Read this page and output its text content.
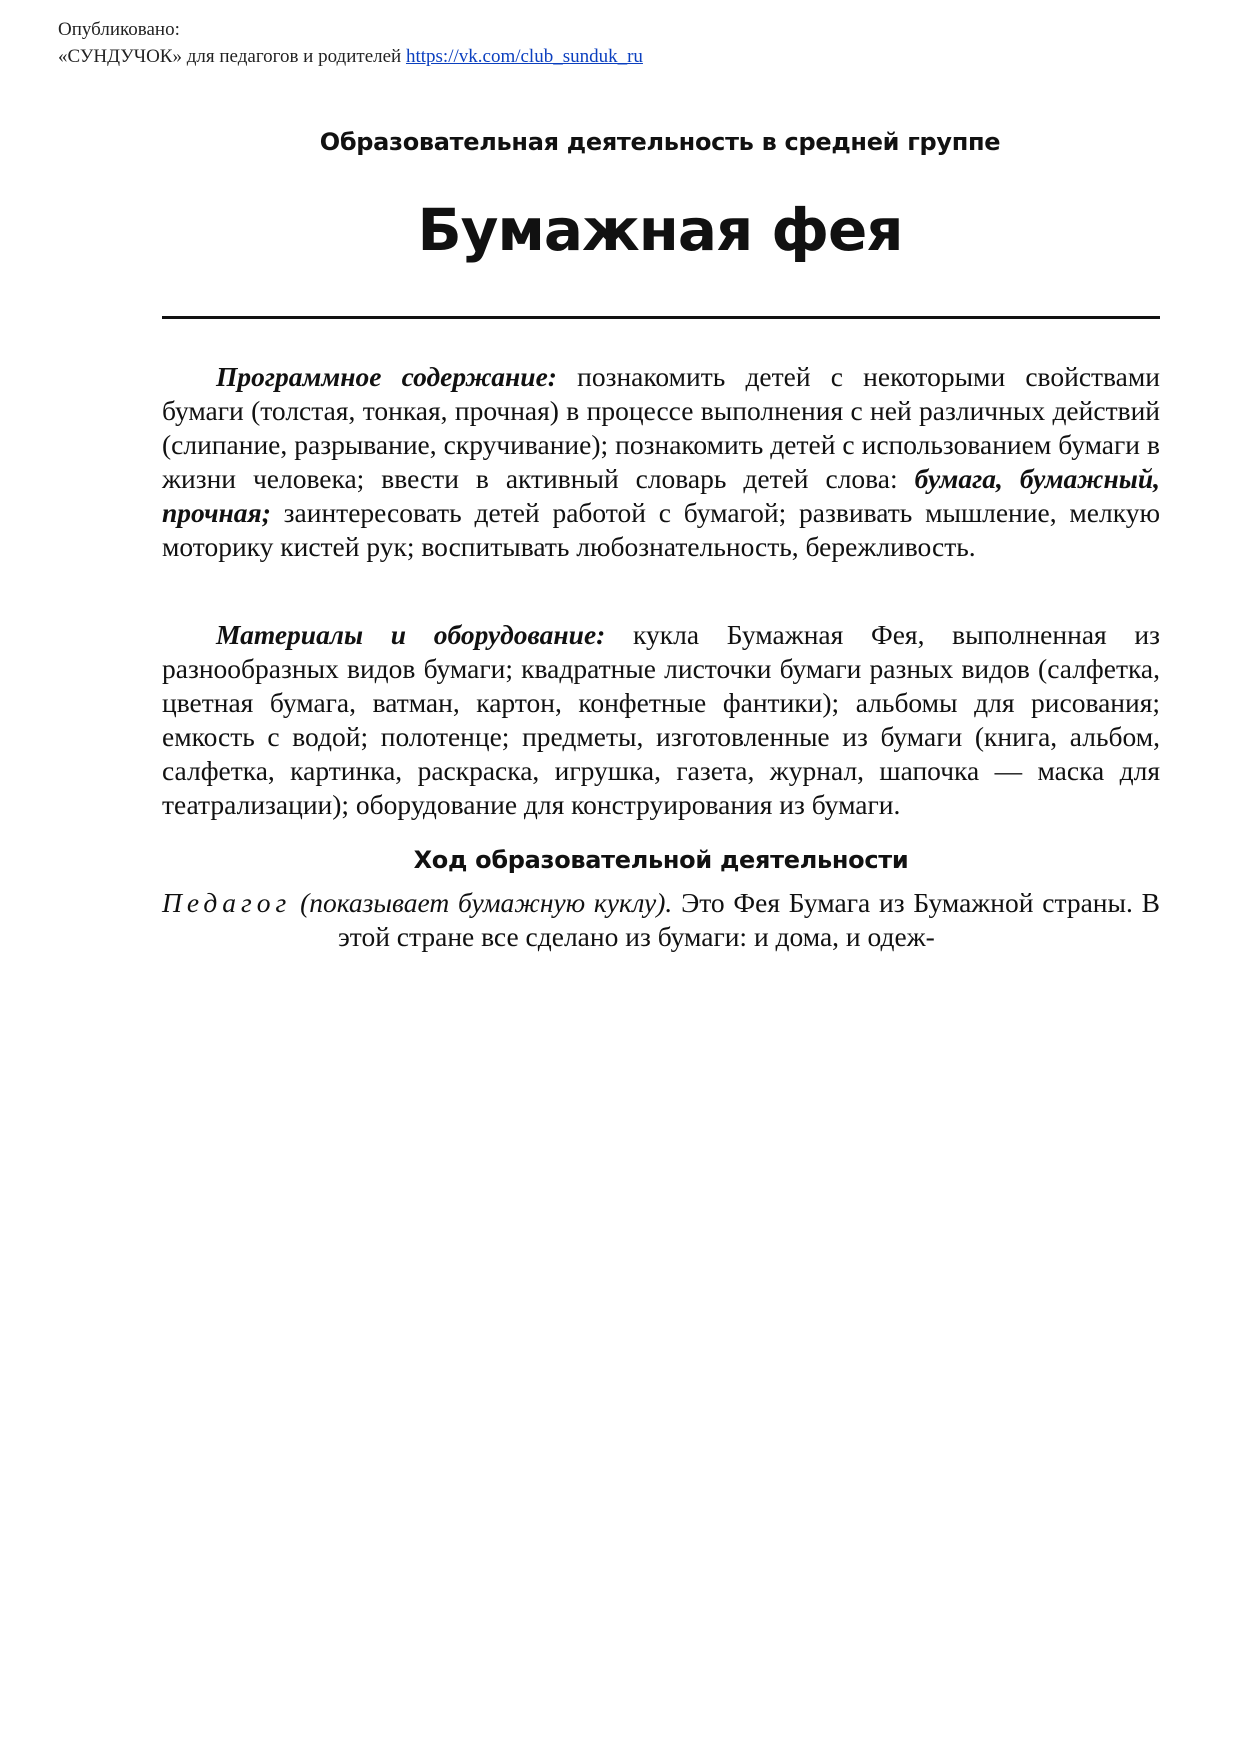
Опубликовано:
«СУНДУЧОК» для педагогов и родителей https://vk.com/club_sunduk_ru
Образовательная деятельность в средней группе
Бумажная фея

Программное содержание: познакомить детей с некоторыми свойствами бумаги (толстая, тонкая, прочная) в процессе выполнения с ней различных действий (слипание, разрывание, скручивание); познакомить детей с использованием бумаги в жизни человека; ввести в активный словарь детей слова: бумага, бумажный, прочная; заинтересовать детей работой с бумагой; развивать мышление, мелкую моторику кистей рук; воспитывать любознательность, бережливость.

Материалы и оборудование: кукла Бумажная Фея, выполненная из разнообразных видов бумаги; квадратные листочки бумаги разных видов (салфетка, цветная бумага, ватман, картон, конфетные фантики); альбомы для рисования; емкость с водой; полотенце; предметы, изготовленные из бумаги (книга, альбом, салфетка, картинка, раскраска, игрушка, газета, журнал, шапочка — маска для театрализации); оборудование для конструирования из бумаги.

Ход образовательной деятельности

Педагог (показывает бумажную куклу). Это Фея Бумага из Бумажной страны. В этой стране все сделано из бумаги: и дома, и одеж-
